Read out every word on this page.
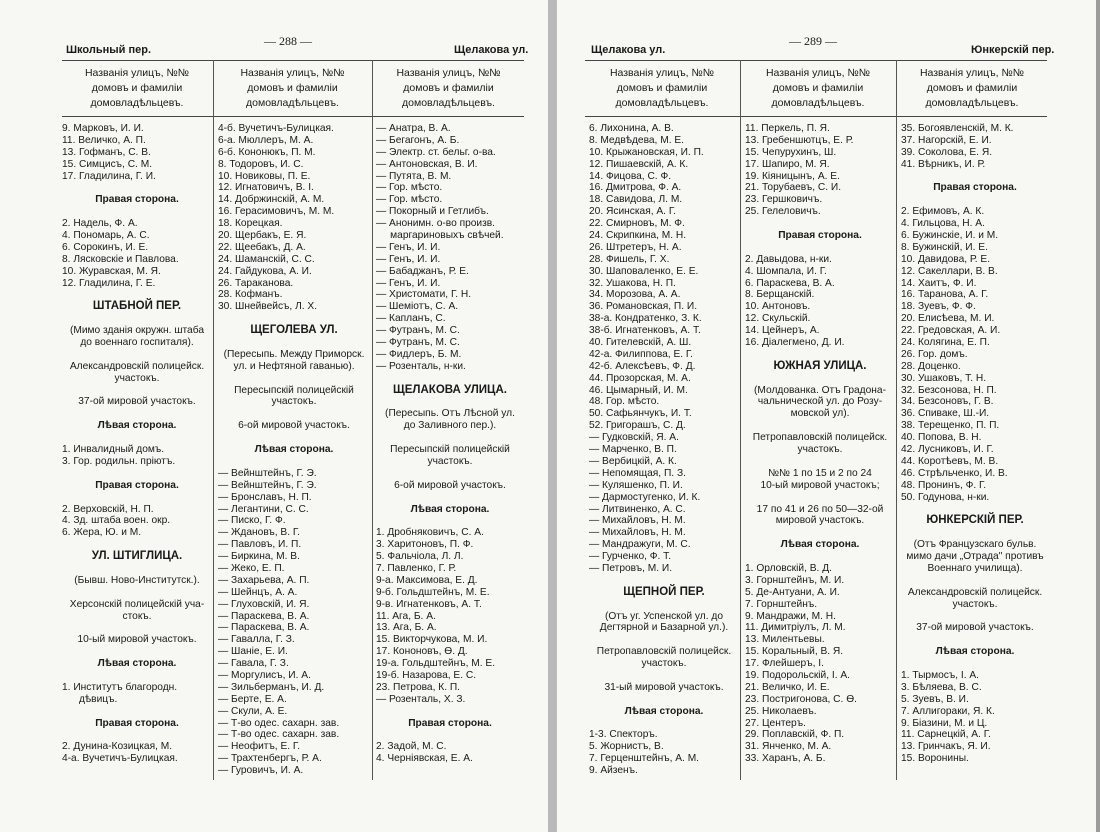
Школьный пер.
— 288 —
Щелакова ул.
Названія улицъ, №№
домовъ и фамиліи
домовладѣльцевъ.
Названія улицъ, №№
домовъ и фамиліи
домовладѣльцевъ.
Названія улицъ, №№
домовъ и фамиліи
домовладѣльцевъ.
9. Марковъ, И. И.
11. Величко, А. П.
13. Гофманъ, С. В.
15. Симцисъ, С. М.
17. Гладилина, Г. И.
Правая сторона.
2. Надель, Ф. А.
4. Пономарь, А. С.
6. Сорокинъ, И. Е.
8. Лясковскіе и Павлова.
10. Журавская, М. Я.
12. Гладилина, Г. Е.
ШТАБНОЙ ПЕР.
(Мимо зданія окружн. штаба
до военнаго госпиталя).
Александровскій полицейск.
участокъ.
37-ой мировой участокъ.
Лѣвая сторона.
1. Инвалидный домъ.
3. Гор. родильн. пріютъ.
Правая сторона.
2. Верховскій, Н. П.
4. Зд. штаба воен. окр.
6. Жера, Ю. и М.
УЛ. ШТИГЛИЦА.
(Бывш. Ново-Институтск.).
Херсонскій полицейскій уча-
стокъ.
10-ый мировой участокъ.
Лѣвая сторона.
1. Институтъ благородн.
дѣвицъ.
Правая сторона.
2. Дунина-Козицкая, М.
4-а. Вучетичъ-Булицкая.
4-б. Вучетичъ-Булицкая.
6-а. Мюллеръ, М. А.
6-б. Кононюкъ, П. М.
8. Тодоровъ, И. С.
10. Новиковы, П. Е.
12. Игнатовичъ, В. І.
14. Добржинскій, А. М.
16. Герасимовичъ, М. М.
18. Корецкая.
20. Щербакъ, Е. Я.
22. Щеебакъ, Д. А.
24. Шаманскій, С. С.
24. Гайдукова, А. И.
26. Тараканова.
28. Кофманъ.
30. Шнейвейсъ, Л. Х.
ЩЕГОЛЕВА УЛ.
(Пересыпь. Между Приморск.
ул. и Нефтяной гаванью).
Пересыпскій полицейскій
участокъ.
6-ой мировой участокъ.
Лѣвая сторона.
— Вейнштейнъ, Г. Э.
— Вейнштейнъ, Г. Э.
— Бронславъ, Н. П.
— Легантини, С. С.
— Писко, Г. Ф.
— Ждановъ, В. Г.
— Павловъ, И. П.
— Биркина, М. В.
— Жеко, Е. П.
— Захарьева, А. П.
— Шейнцъ, А. А.
— Глуховскій, И. Я.
— Параскева, В. А.
— Параскева, В. А.
— Гавалла, Г. З.
— Шаніе, Е. И.
— Гавала, Г. З.
— Моргулисъ, И. А.
— Зильберманъ, И. Д.
— Берте, Е. А.
— Скули, А. Е.
— Т-во одес. сахарн. зав.
— Т-во одес. сахарн. зав.
— Неофитъ, Е. Г.
— Трахтенбергъ, Р. А.
— Гуровичъ, И. А.
— Анатра, В. А.
— Бегагонъ, А. Б.
— Электр. ст. бельг. о-ва.
— Антоновская, В. И.
— Путята, В. М.
— Гор. мѣсто.
— Гор. мѣсто.
— Покорный и Гетлибъ.
— Анонимн. о-во произв.
маргариновыхъ свѣчей.
— Генъ, И. И.
— Генъ, И. И.
— Бабаджанъ, Р. Е.
— Генъ, И. И.
— Христомати, Г. Н.
— Шеміотъ, С. А.
— Капланъ, С.
— Футранъ, М. С.
— Футранъ, М. С.
— Фидлеръ, Б. М.
— Розенталь, н-ки.
ЩЕЛАКОВА УЛИЦА.
(Пересыпь. Отъ Лѣсной ул.
до Заливного пер.).
Пересыпскій полицейскій
участокъ.
6-ой мировой участокъ.
Лѣвая сторона.
1. Дробняковичъ, С. А.
3. Харитоновъ, П. Ф.
5. Фальчіола, Л. Л.
7. Павленко, Г. Р.
9-а. Максимова, Е. Д.
9-б. Гольдштейнъ, М. Е.
9-в. Игнатенковъ, А. Т.
11. Ага, Б. А.
13. Ага, Б. А.
15. Викторчукова, М. И.
17. Кононовъ, Ѳ. Д.
19-а. Гольдштейнъ, М. Е.
19-б. Назарова, Е. С.
23. Петрова, К. П.
— Розенталь, Х. З.
Правая сторона.
2. Задой, М. С.
4. Черніявская, Е. А.
Щелакова ул.
— 289 —
Юнкерскій пер.
Названія улицъ, №№
домовъ и фамиліи
домовладѣльцевъ.
Названія улицъ, №№
домовъ и фамиліи
домовладѣльцевъ.
Названія улицъ, №№
домовъ и фамиліи
домовладѣльцевъ.
6. Лихонина, А. В.
8. Медвѣдева, М. Е.
10. Крыжановская, И. П.
12. Пишаевскій, А. К.
14. Фицова, С. Ф.
16. Дмитрова, Ф. А.
18. Савидова, Л. М.
20. Ясинская, А. Г.
22. Смирновъ, М. Ф.
24. Скрипкина, М. Н.
26. Штретеръ, Н. А.
28. Фишель, Г. Х.
30. Шаповаленко, Е. Е.
32. Ушакова, Н. П.
34. Морозова, А. А.
36. Романовская, П. И.
38-а. Кондратенко, З. К.
38-б. Игнатенковъ, А. Т.
40. Гителевскій, А. Ш.
42-а. Филиппова, Е. Г.
42-б. Алексѣевъ, Ф. Д.
44. Прозорская, М. А.
46. Цымарный, И. М.
48. Гор. мѣсто.
50. Сафьянчукъ, И. Т.
52. Григорашъ, С. Д.
— Гудковскій, Я. А.
— Марченко, В. П.
— Вербицкій, А. К.
— Непомящая, П. З.
— Куляшенко, П. И.
— Дармостугенко, И. К.
— Литвиненко, А. С.
— Михайловъ, Н. М.
— Михайловъ, Н. М.
— Мандражуги, М. С.
— Гурченко, Ф. Т.
— Петровъ, М. И.
ЩЕПНОЙ ПЕР.
(Отъ уг. Успенской ул. до
Дегтярной и Базарной ул.).
Петропавловскій полицейск.
участокъ.
31-ый мировой участокъ.
Лѣвая сторона.
1-3. Спекторъ.
5. Жорнистъ, В.
7. Герценштейнъ, А. М.
9. Айзенъ.
11. Перкель, П. Я.
13. Гребеншютцъ, Е. Р.
15. Чепурухинъ, Ш.
17. Шапиро, М. Я.
19. Кіяницынъ, А. Е.
21. Торубаевъ, С. И.
23. Гершковичъ.
25. Гелеловичъ.
Правая сторона.
2. Давыдова, н-ки.
4. Шомпала, И. Г.
6. Параскева, В. А.
8. Берщанскій.
10. Антоновъ.
12. Скульскій.
14. Цейнеръ, А.
16. Діалегмено, Д. И.
ЮЖНАЯ УЛИЦА.
(Молдованка. Отъ Градона-
чальнической ул. до Розу-
мовской ул).
Петропавловскій полицейск.
участокъ.
№№ 1 по 15 и 2 по 24
10-ый мировой участокъ;
17 по 41 и 26 по 50—32-ой
мировой участокъ.
Лѣвая сторона.
1. Орловскій, В. Д.
3. Горнштейнъ, М. И.
5. Де-Антуани, А. И.
7. Горнштейнъ.
9. Мандражи, М. Н.
11. Димитріулъ, Л. М.
13. Милентьевы.
15. Коральный, В. Я.
17. Флейшеръ, І.
19. Подорольскій, І. А.
21. Величко, И. Е.
23. Постригонова, С. Ѳ.
25. Николаевъ.
27. Центеръ.
29. Поплавскій, Ф. П.
31. Янченко, М. А.
33. Харанъ, А. Б.
35. Богоявленскій, М. К.
37. Нагорскій, Е. И.
39. Соколова, Е. Я.
41. Вѣрникъ, И. Р.
Правая сторона.
2. Ефимовъ, А. К.
4. Гильцова, Н. А.
6. Бужинскіе, И. и М.
8. Бужинскій, И. Е.
10. Давидова, Р. Е.
12. Сакеллари, В. В.
14. Хаитъ, Ф. И.
16. Таранова, А. Г.
18. Зуевъ, Ф. Ф.
20. Елисѣева, М. И.
22. Гредовская, А. И.
24. Колягина, Е. П.
26. Гор. домъ.
28. Доценко.
30. Ушаковъ, Т. Н.
32. Безсонова, Н. П.
34. Безсоновъ, Г. В.
36. Спиваке, Ш.-И.
38. Терещенко, П. П.
40. Попова, В. Н.
42. Лусниковъ, И. Г.
44. Коротѣевъ, М. В.
46. Стрѣльченко, И. В.
48. Пронинъ, Ф. Г.
50. Годунова, н-ки.
ЮНКЕРСКІЙ ПЕР.
(Отъ Французскаго бульв.
мимо дачи „Отрада" противъ
Военнаго училища).
Александровскій полицейск.
участокъ.
37-ой мировой участокъ.
Лѣвая сторона.
1. Тырмосъ, І. А.
3. Бѣляева, В. С.
5. Зуевъ, В. И.
7. Аллигораки, Я. К.
9. Біазини, М. и Ц.
11. Сарнецкій, А. Г.
13. Гринчакъ, Я. И.
15. Воронины.
